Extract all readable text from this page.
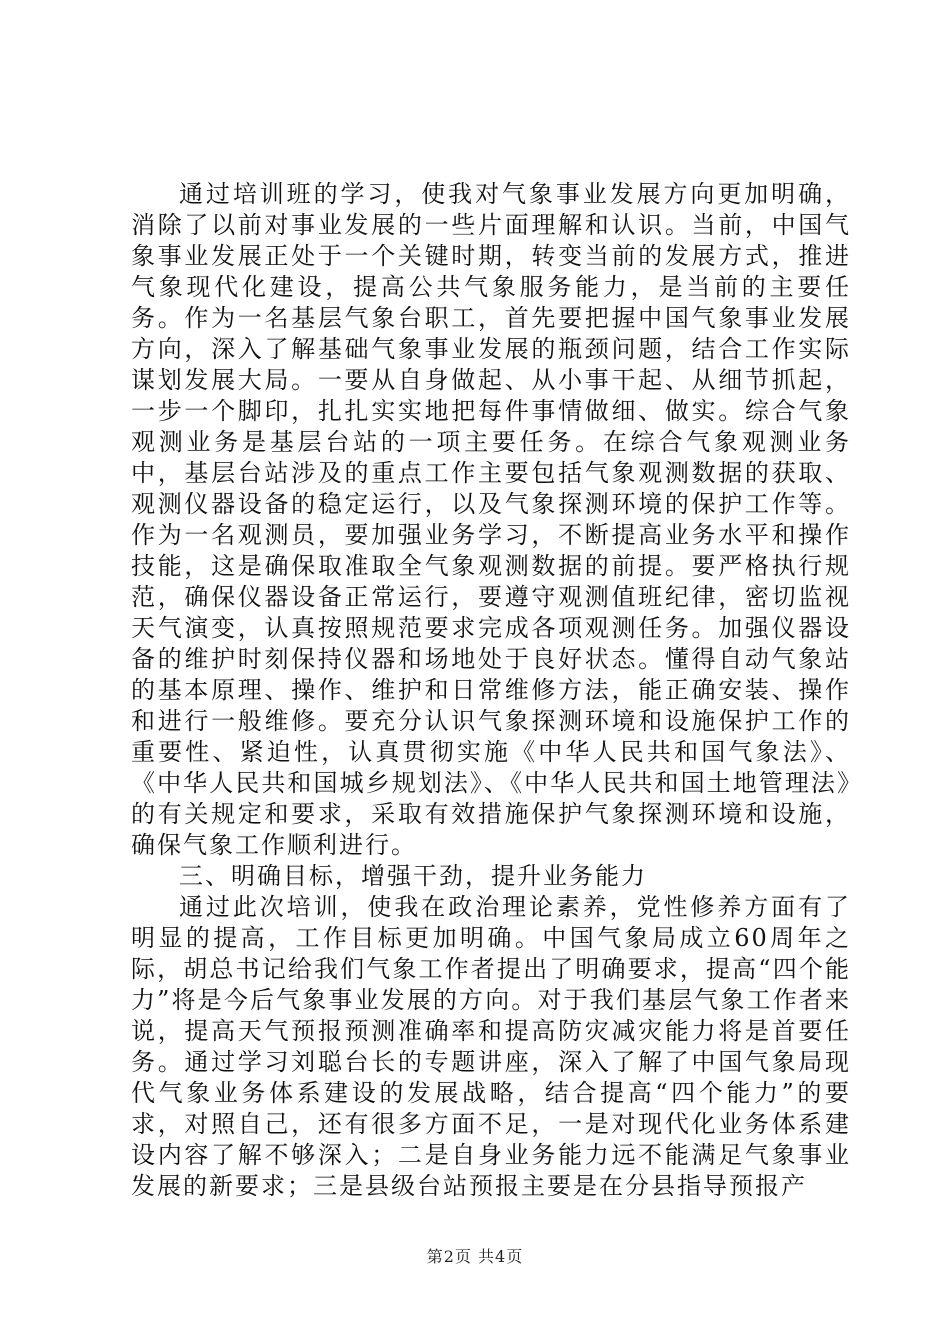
通过培训班的学习，使我对气象事业发展方向更加明确，消除了以前对事业发展的一些片面理解和认识。当前，中国气象事业发展正处于一个关键时期，转变当前的发展方式，推进气象现代化建设，提高公共气象服务能力，是当前的主要任务。作为一名基层气象台职工，首先要把握中国气象事业发展方向，深入了解基础气象事业发展的瓶颈问题，结合工作实际谋划发展大局。一要从自身做起、从小事干起、从细节抓起，一步一个脚印，扎扎实实地把每件事情做细、做实。综合气象观测业务是基层台站的一项主要任务。在综合气象观测业务中，基层台站涉及的重点工作主要包括气象观测数据的获取、观测仪器设备的稳定运行，以及气象探测环境的保护工作等。作为一名观测员，要加强业务学习，不断提高业务水平和操作技能，这是确保取准取全气象观测数据的前提。要严格执行规范，确保仪器设备正常运行，要遵守观测值班纪律，密切监视天气演变，认真按照规范要求完成各项观测任务。加强仪器设备的维护时刻保持仪器和场地处于良好状态。懂得自动气象站的基本原理、操作、维护和日常维修方法，能正确安装、操作和进行一般维修。要充分认识气象探测环境和设施保护工作的重要性、紧迫性，认真贯彻实施《中华人民共和国气象法》、《中华人民共和国城乡规划法》、《中华人民共和国土地管理法》的有关规定和要求，采取有效措施保护气象探测环境和设施，确保气象工作顺利进行。

三、明确目标，增强干劲，提升业务能力

通过此次培训，使我在政治理论素养，党性修养方面有了明显的提高，工作目标更加明确。中国气象局成立60周年之际，胡总书记给我们气象工作者提出了明确要求，提高“四个能力”将是今后气象事业发展的方向。对于我们基层气象工作者来说，提高天气预报预测准确率和提高防灾减灾能力将是首要任务。通过学习刘聪台长的专题讲座，深入了解了中国气象局现代气象业务体系建设的发展战略，结合提高“四个能力”的要求，对照自己，还有很多方面不足，一是对现代化业务体系建设内容了解不够深入；二是自身业务能力远不能满足气象事业发展的新要求；三是县级台站预报主要是在分县指导预报产

第2页 共4页
